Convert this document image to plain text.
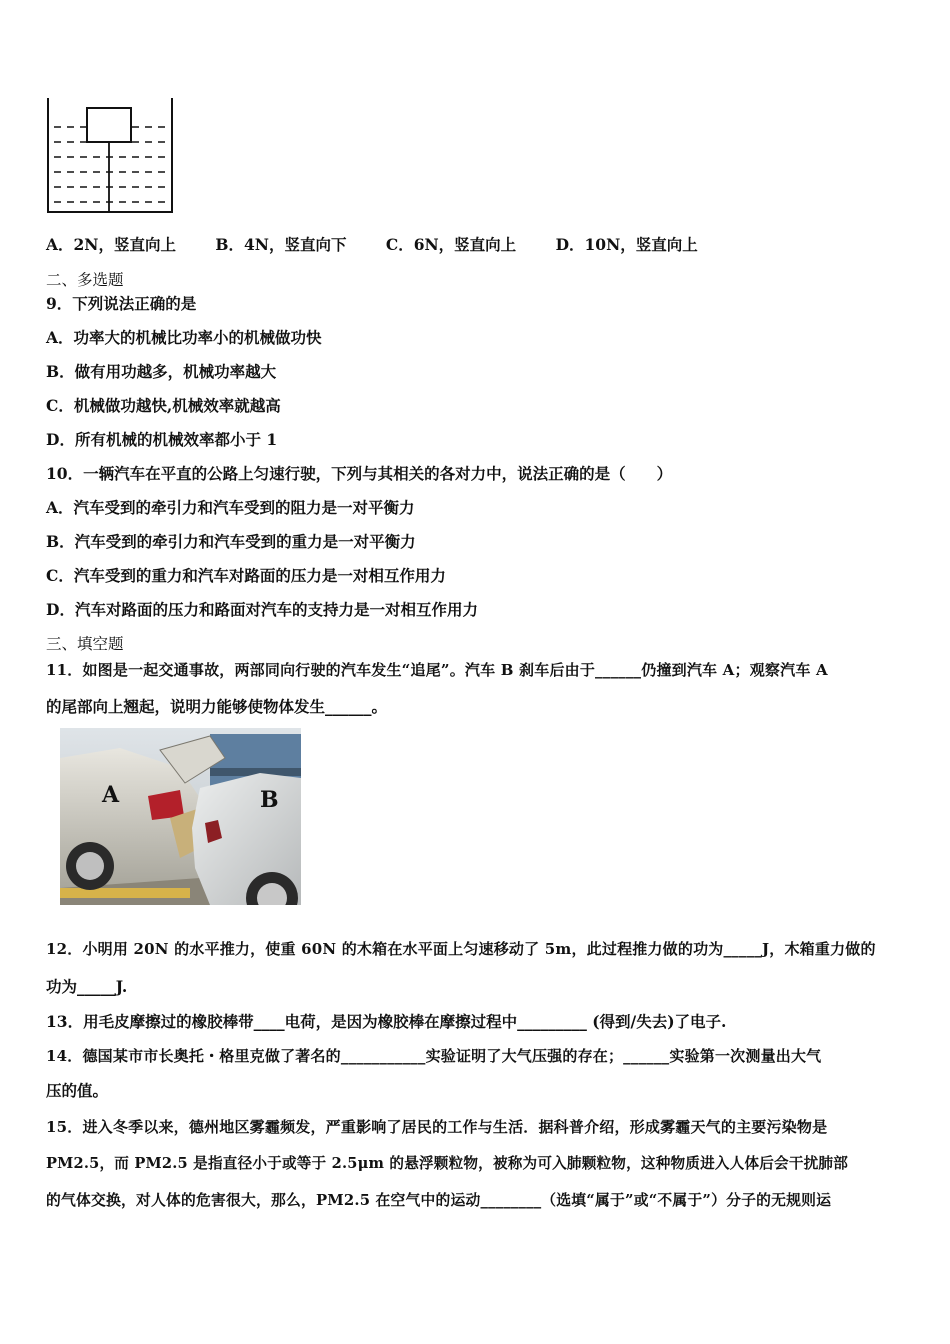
A．2N，竖直向上	B．4N，竖直向下	C．6N，竖直向上	D．10N，竖直向上
二、多选题
9．下列说法正确的是
A．功率大的机械比功率小的机械做功快
B．做有用功越多，机械功率越大
C．机械做功越快,机械效率就越高
D．所有机械的机械效率都小于 1
10．一辆汽车在平直的公路上匀速行驶，下列与其相关的各对力中，说法正确的是（　　）
A．汽车受到的牵引力和汽车受到的阻力是一对平衡力
B．汽车受到的牵引力和汽车受到的重力是一对平衡力
C．汽车受到的重力和汽车对路面的压力是一对相互作用力
D．汽车对路面的压力和路面对汽车的支持力是一对相互作用力
三、填空题
11．如图是一起交通事故，两部同向行驶的汽车发生“追尾”。汽车 B 刹车后由于______仍撞到汽车 A；观察汽车 A
的尾部向上翘起，说明力能够使物体发生______。
A	B
12．小明用 20N 的水平推力，使重 60N 的木箱在水平面上匀速移动了 5m，此过程推力做的功为_____J，木箱重力做的
功为_____J.
13．用毛皮摩擦过的橡胶棒带____电荷，是因为橡胶棒在摩擦过程中_________ (得到/失去)了电子.
14．德国某市市长奥托・格里克做了著名的___________实验证明了大气压强的存在；______实验第一次测量出大气
压的值。
15．进入冬季以来，德州地区雾霾频发，严重影响了居民的工作与生活．据科普介绍，形成雾霾天气的主要污染物是
PM2.5，而 PM2.5 是指直径小于或等于 2.5μm 的悬浮颗粒物，被称为可入肺颗粒物，这种物质进入人体后会干扰肺部
的气体交换，对人体的危害很大，那么，PM2.5 在空气中的运动________（选填“属于”或“不属于”）分子的无规则运
